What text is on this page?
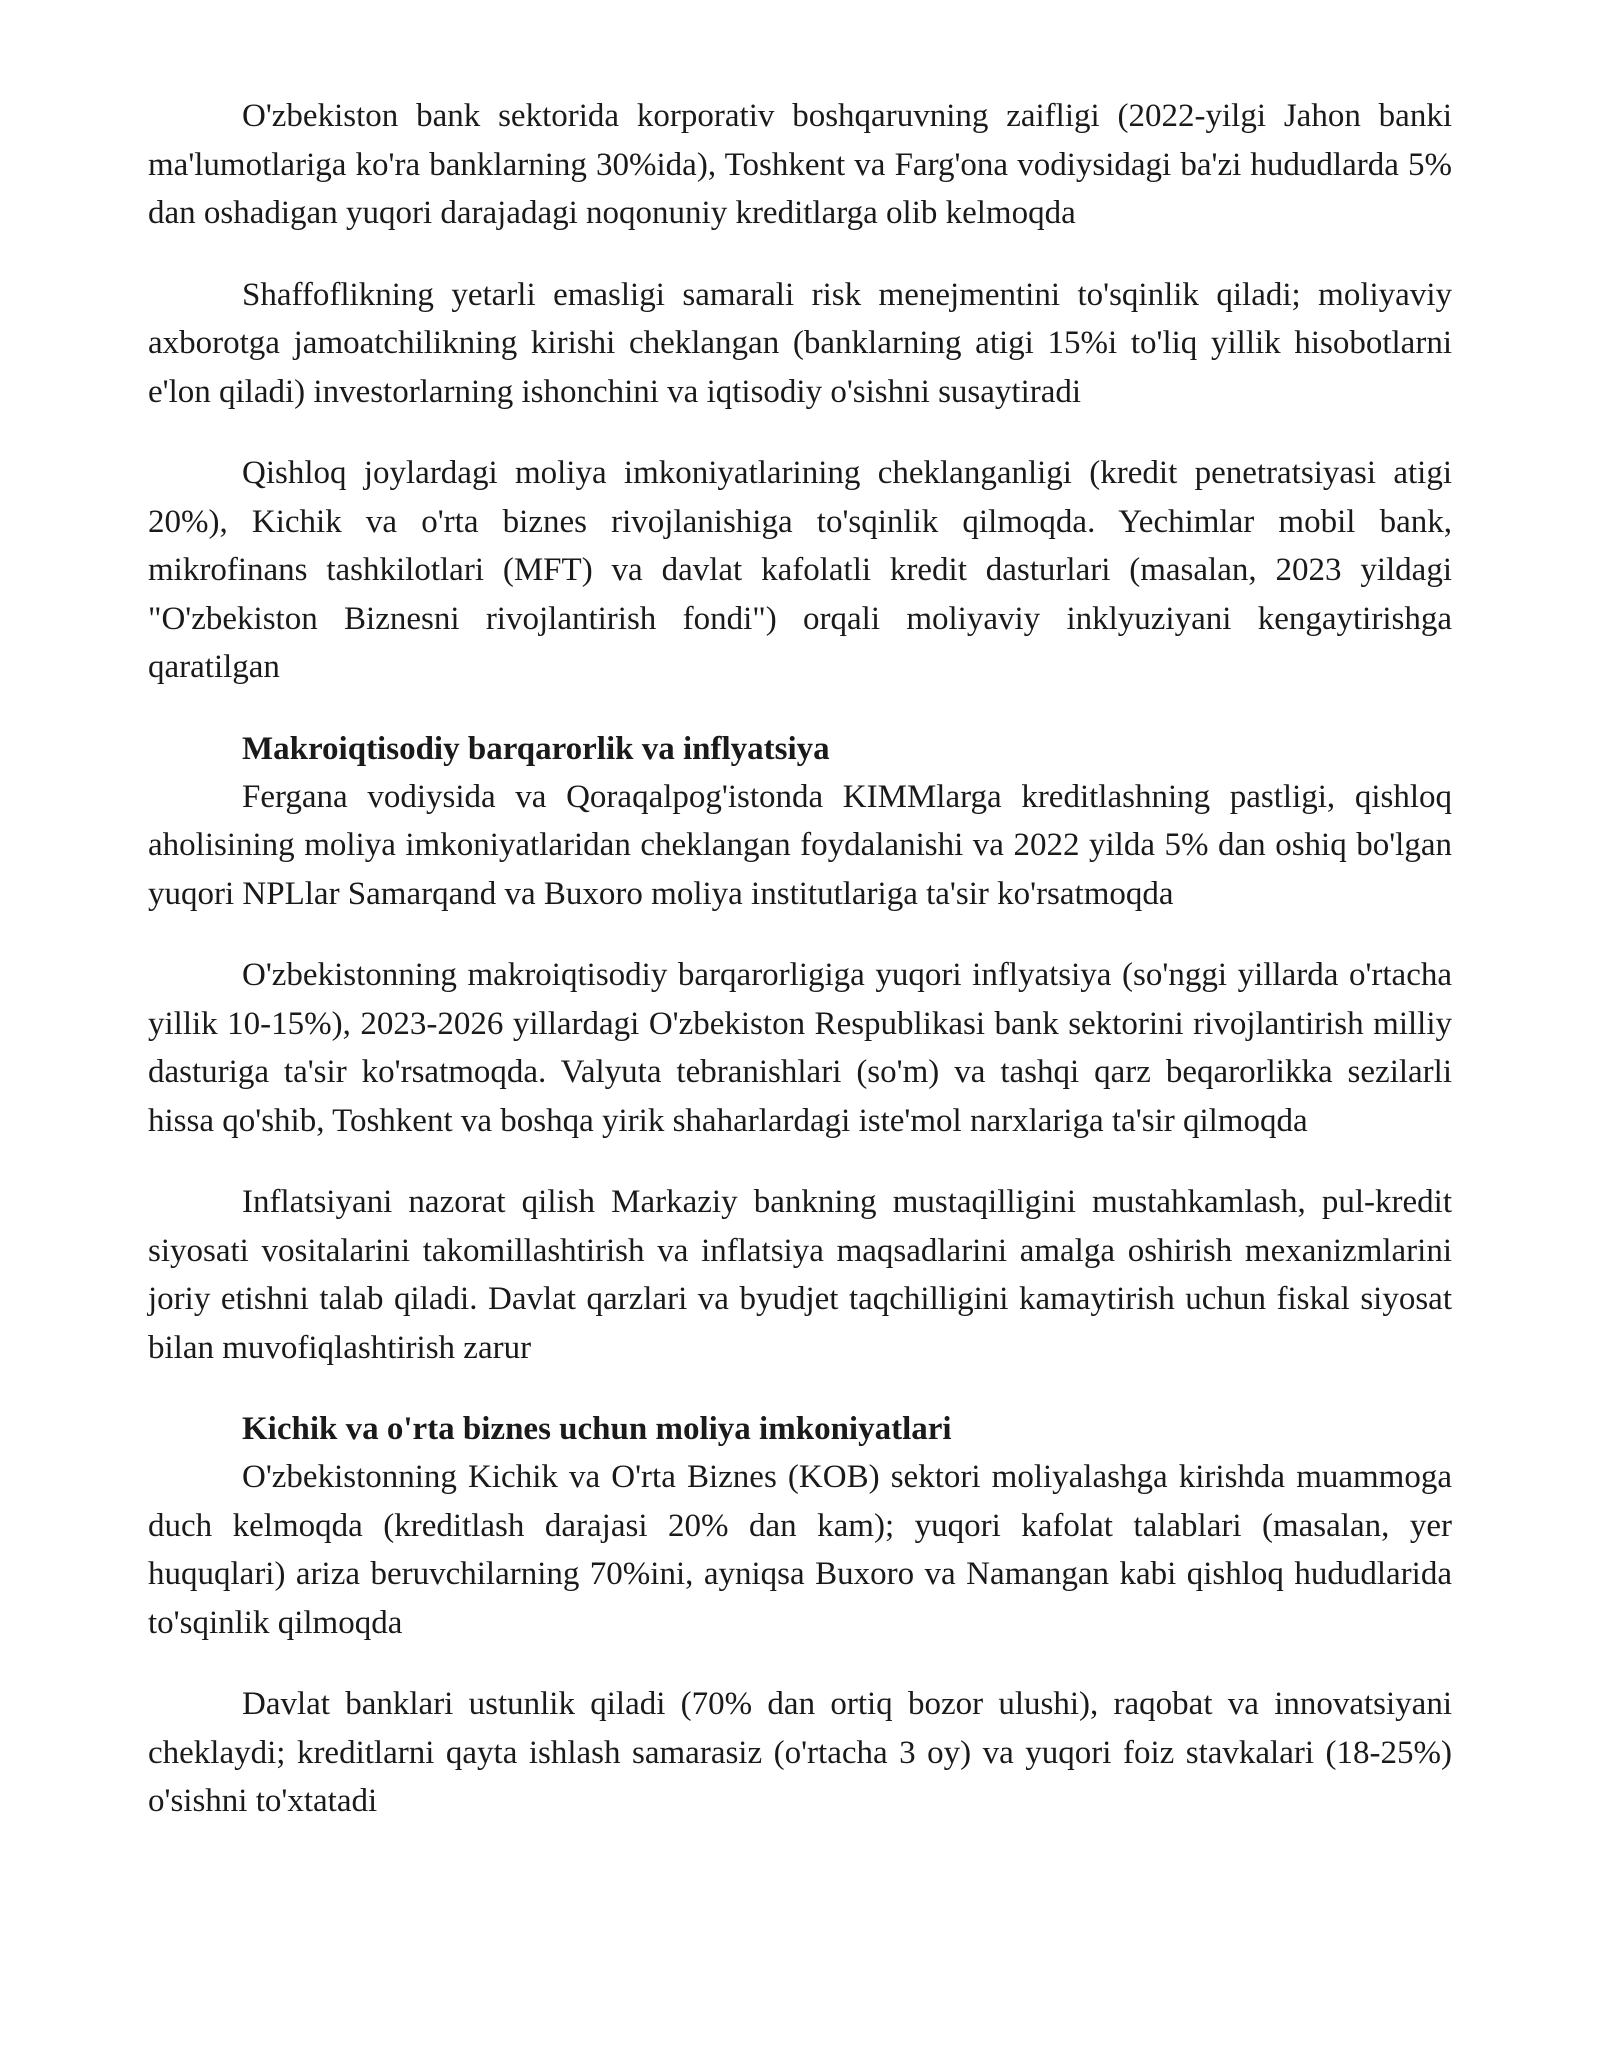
O'zbekiston bank sektorida korporativ boshqaruvning zaifligi (2022-yilgi Jahon banki ma'lumotlariga ko'ra banklarning 30%ida), Toshkent va Farg'ona vodiysidagi ba'zi hududlarda 5% dan oshadigan yuqori darajadagi noqonuniy kreditlarga olib kelmoqda

Shaffoflikning yetarli emasligi samarali risk menejmentini to'sqinlik qiladi; moliyaviy axborotga jamoatchilikning kirishi cheklangan (banklarning atigi 15%i to'liq yillik hisobotlarni e'lon qiladi) investorlarning ishonchini va iqtisodiy o'sishni susaytiradi

Qishloq joylardagi moliya imkoniyatlarining cheklanganligi (kredit penetratsiyasi atigi 20%), Kichik va o'rta biznes rivojlanishiga to'sqinlik qilmoqda. Yechimlar mobil bank, mikrofinans tashkilotlari (MFT) va davlat kafolatli kredit dasturlari (masalan, 2023 yildagi "O'zbekiston Biznesni rivojlantirish fondi") orqali moliyaviy inklyuziyani kengaytirishga qaratilgan

Makroiqtisodiy barqarorlik va inflyatsiya

Fergana vodiysida va Qoraqalpog'istonda KIMMlarga kreditlashning pastligi, qishloq aholisining moliya imkoniyatlaridan cheklangan foydalanishi va 2022 yilda 5% dan oshiq bo'lgan yuqori NPLlar Samarqand va Buxoro moliya institutlariga ta'sir ko'rsatmoqda

O'zbekistonning makroiqtisodiy barqarorligiga yuqori inflyatsiya (so'nggi yillarda o'rtacha yillik 10-15%), 2023-2026 yillardagi O'zbekiston Respublikasi bank sektorini rivojlantirish milliy dasturiga ta'sir ko'rsatmoqda. Valyuta tebranishlari (so'm) va tashqi qarz beqarorlikka sezilarli hissa qo'shib, Toshkent va boshqa yirik shaharlardagi iste'mol narxlariga ta'sir qilmoqda

Inflatsiyani nazorat qilish Markaziy bankning mustaqilligini mustahkamlash, pul-kredit siyosati vositalarini takomillashtirish va inflatsiya maqsadlarini amalga oshirish mexanizmlarini joriy etishni talab qiladi. Davlat qarzlari va byudjet taqchilligini kamaytirish uchun fiskal siyosat bilan muvofiqlashtirish zarur

Kichik va o'rta biznes uchun moliya imkoniyatlari

O'zbekistonning Kichik va O'rta Biznes (KOB) sektori moliyalashga kirishda muammoga duch kelmoqda (kreditlash darajasi 20% dan kam); yuqori kafolat talablari (masalan, yer huquqlari) ariza beruvchilarning 70%ini, ayniqsa Buxoro va Namangan kabi qishloq hududlarida to'sqinlik qilmoqda

Davlat banklari ustunlik qiladi (70% dan ortiq bozor ulushi), raqobat va innovatsiyani cheklaydi; kreditlarni qayta ishlash samarasiz (o'rtacha 3 oy) va yuqori foiz stavkalari (18-25%) o'sishni to'xtatadi
